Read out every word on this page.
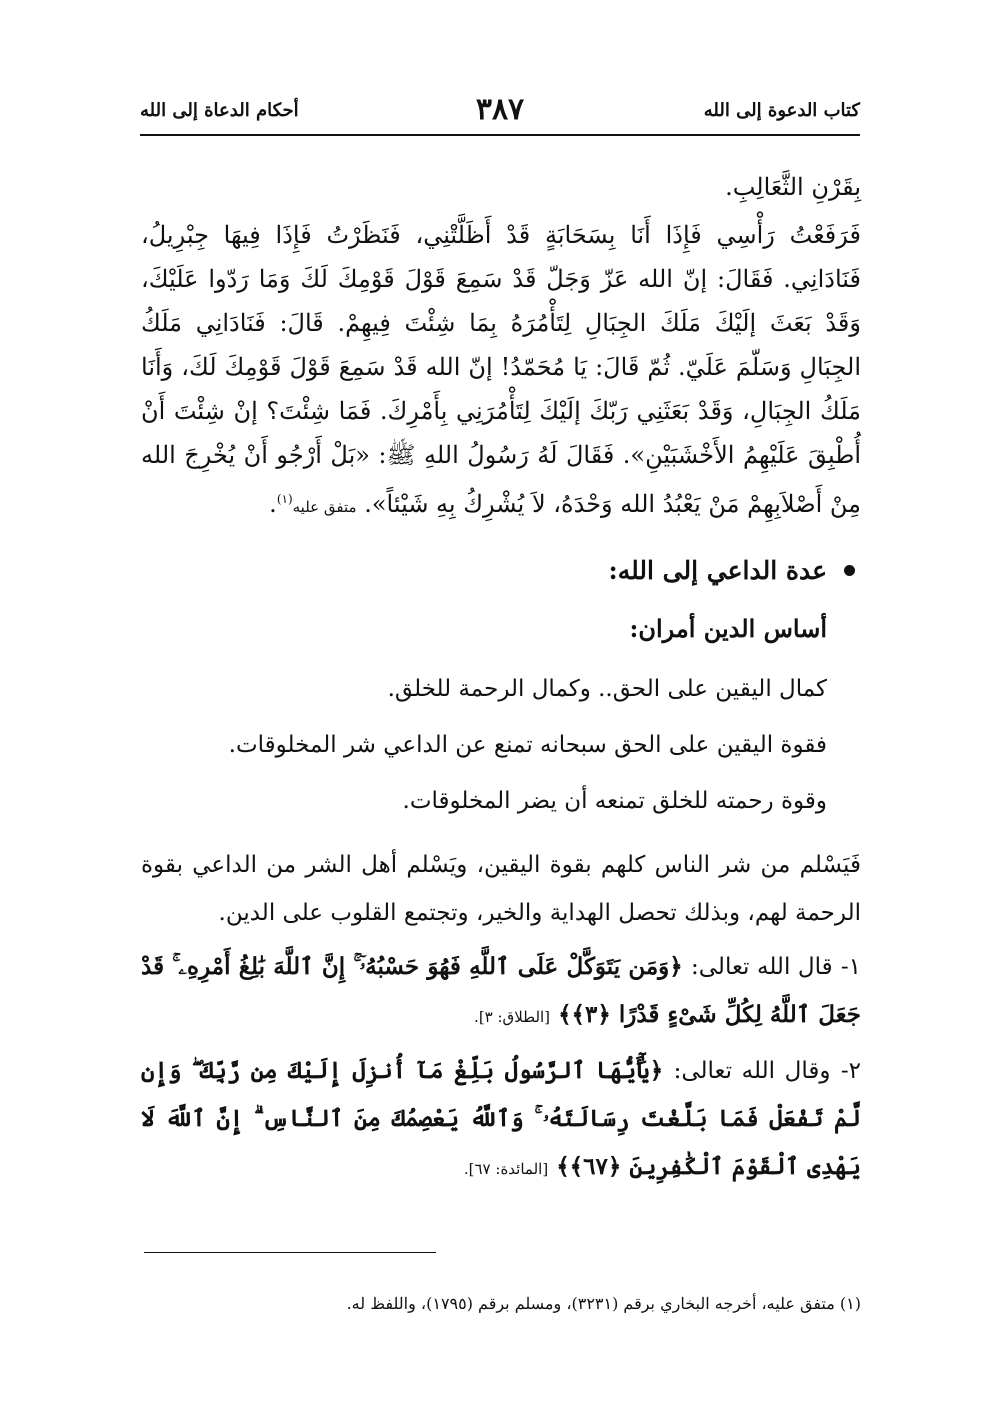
كتاب الدعوة إلى الله
٣٨٧
أحكام الدعاة إلى الله

بِقَرْنِ الثَّعَالِبِ.

فَرَفَعْتُ رَأْسِي فَإِذَا أَنَا بِسَحَابَةٍ قَدْ أَظَلَّتْنِي، فَنَظَرْتُ فَإِذَا فِيهَا جِبْرِيلُ، فَنَادَانِي. فَقَالَ: إنّ الله عَزّ وَجَلّ قَدْ سَمِعَ قَوْلَ قَوْمِكَ لَكَ وَمَا رَدّوا عَلَيْكَ، وَقَدْ بَعَثَ إلَيْكَ مَلَكَ الجِبَالِ لِتَأْمُرَهُ بِمَا شِئْتَ فِيهِمْ. قَالَ: فَنَادَانِي مَلَكُ الجِبَالِ وَسَلّمَ عَلَيّ. ثُمّ قَالَ: يَا مُحَمّدُ! إنّ الله قَدْ سَمِعَ قَوْلَ قَوْمِكَ لَكَ، وَأَنَا مَلَكُ الجِبَالِ، وَقَدْ بَعَثَنِي رَبّكَ إلَيْكَ لِتَأْمُرَنِي بِأَمْرِكَ. فَمَا شِئْتَ؟ إنْ شِئْتَ أَنْ أُطْبِقَ عَلَيْهِمُ الأَخْشَبَيْنِ». فَقَالَ لَهُ رَسُولُ اللهِ ﷺ: «بَلْ أَرْجُو أَنْ يُخْرِجَ الله مِنْ أَصْلاَبِهِمْ مَنْ يَعْبُدُ الله وَحْدَهُ، لاَ يُشْرِكُ بِهِ شَيْئاً». متفق عليه$^{(١)}$.

عدة الداعي إلى الله:

أساس الدين أمران:

كمال اليقين على الحق.. وكمال الرحمة للخلق.

فقوة اليقين على الحق سبحانه تمنع عن الداعي شر المخلوقات.

وقوة رحمته للخلق تمنعه أن يضر المخلوقات.

فَيَسْلم من شر الناس كلهم بقوة اليقين، ويَسْلم أهل الشر من الداعي بقوة الرحمة لهم، وبذلك تحصل الهداية والخير، وتجتمع القلوب على الدين.

١- قال الله تعالى: ﴿وَمَن يَتَوَكَّلْ عَلَى ٱللَّهِ فَهُوَ حَسْبُهُۥٓ ۚ إِنَّ ٱللَّهَ بَٰلِغُ أَمْرِهِۦ ۚ قَدْ جَعَلَ ٱللَّهُ لِكُلِّ شَىْءٍ قَدْرًا ﴿٣﴾﴾ [الطلاق: ٣].

٢- وقال الله تعالى: ﴿يَٰٓأَيُّهَا ٱلرَّسُولُ بَلِّغْ مَآ أُنزِلَ إِلَيْكَ مِن رَّبِّكَ ۖ وَإِن لَّمْ تَفْعَلْ فَمَا بَلَّغْتَ رِسَالَتَهُۥ ۚ وَٱللَّهُ يَعْصِمُكَ مِنَ ٱلنَّاسِ ۗ إِنَّ ٱللَّهَ لَا يَهْدِى ٱلْقَوْمَ ٱلْكَٰفِرِينَ ﴿٦٧﴾﴾ [المائدة: ٦٧].

(١) متفق عليه، أخرجه البخاري برقم (٣٢٣١)، ومسلم برقم (١٧٩٥)، واللفظ له.
